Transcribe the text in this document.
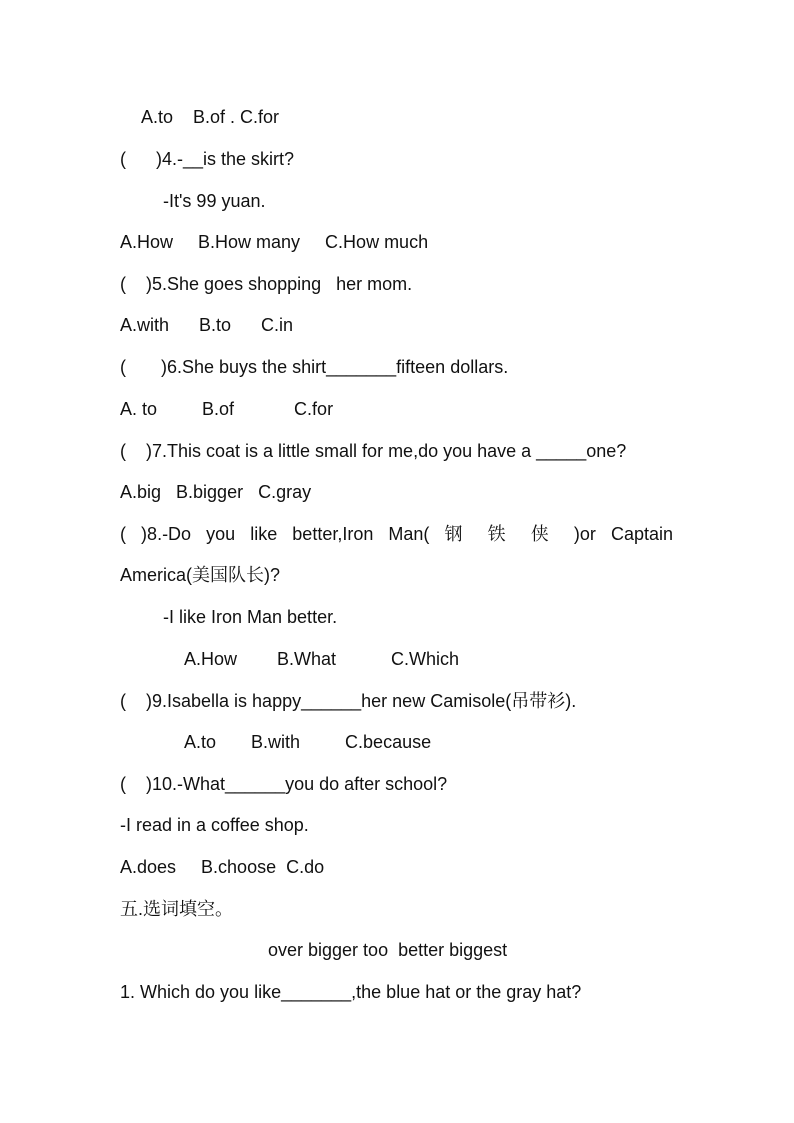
A.to    B.of . C.for
(      )4.-__is the skirt?
-It's 99 yuan.
A.How     B.How many     C.How much
(    )5.She goes shopping   her mom.
A.with      B.to      C.in
(       )6.She buys the shirt_______fifteen dollars.
A. to         B.of            C.for
(    )7.This coat is a little small for me,do you have a _____one?
A.big   B.bigger   C.gray
( )8.-Do you like better,Iron Man( 钢 铁 侠 )or Captain
America(美国队长)?
-I like Iron Man better.
A.How        B.What           C.Which
(    )9.Isabella is happy______her new Camisole(吊带衫).
A.to       B.with         C.because
(    )10.-What______you do after school?
-I read in a coffee shop.
A.does     B.choose  C.do
五.选词填空。
over bigger too  better biggest
1. Which do you like_______,the blue hat or the gray hat?
